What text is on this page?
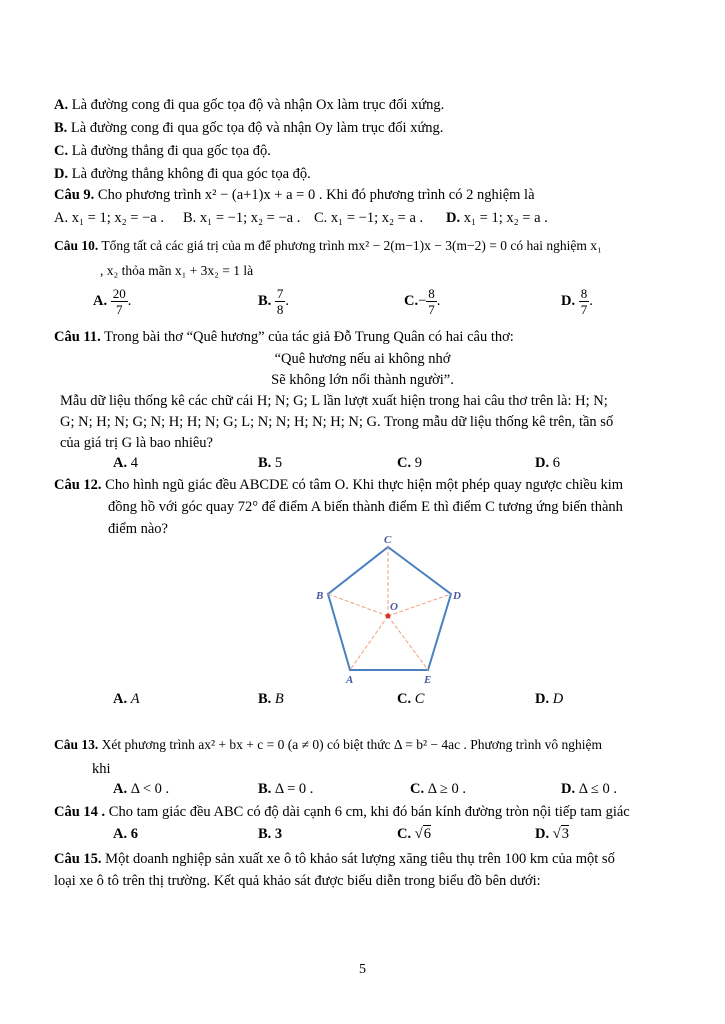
A. Là đường cong đi qua gốc tọa độ và nhận Ox làm trục đối xứng.
B. Là đường cong đi qua gốc tọa độ và nhận Oy làm trục đối xứng.
C. Là đường thẳng đi qua gốc tọa độ.
D. Là đường thẳng không đi qua góc tọa độ.
Câu 9. Cho phương trình x² − (a+1)x + a = 0 . Khi đó phương trình có 2 nghiệm là
A. x₁ = 1; x₂ = −a . B. x₁ = −1; x₂ = −a . C. x₁ = −1; x₂ = a . D. x₁ = 1; x₂ = a .
Câu 10. Tổng tất cả các giá trị của m để phương trình mx² − 2(m−1)x − 3(m−2) = 0 có hai nghiệm x₁
, x₂ thỏa mãn x₁ + 3x₂ = 1 là
A. $\frac{20}{7}$ .	B. $\frac{7}{8}$ .	$C.- \frac{8}{7}$ .	D. $\frac{8}{7}$ .
Câu 11. Trong bài thơ “Quê hương” của tác giả Đỗ Trung Quân có hai câu thơ:
“Quê hương nếu ai không nhớ
Sẽ không lớn nổi thành người”.
Mẫu dữ liệu thống kê các chữ cái H; N; G; L lần lượt xuất hiện trong hai câu thơ trên là: H; N;
G; N; H; N; G; N; H; H; N; G; L; N; N; H; N; H; N; G. Trong mẫu dữ liệu thống kê trên, tần số
của giá trị G là bao nhiêu?
A. 4	B. 5	C. 9	D. 6
Câu 12. Cho hình ngũ giác đều ABCDE có tâm O. Khi thực hiện một phép quay ngược chiều kim
đồng hồ với góc quay 72° để điểm A biến thành điểm E thì điểm C tương ứng biến thành
điểm nào?
C
B	D
A	E
O
A. A	B. B	C. C	D. D
Câu 13. Xét phương trình ax² + bx + c = 0 (a ≠ 0) có biệt thức Δ = b² − 4ac . Phương trình vô nghiệm
khi
A. Δ < 0 .	B. Δ = 0 .	C. Δ ≥ 0 .	D. Δ ≤ 0 .
Câu 14 . Cho tam giác đều ABC có độ dài cạnh 6 cm, khi đó bán kính đường tròn nội tiếp tam giác
A. 6	B. 3	C. √6	D. √3
Câu 15. Một doanh nghiệp sản xuất xe ô tô khảo sát lượng xăng tiêu thụ trên 100 km của một số
loại xe ô tô trên thị trường. Kết quả khảo sát được biểu diễn trong biểu đồ bên dưới:
5
